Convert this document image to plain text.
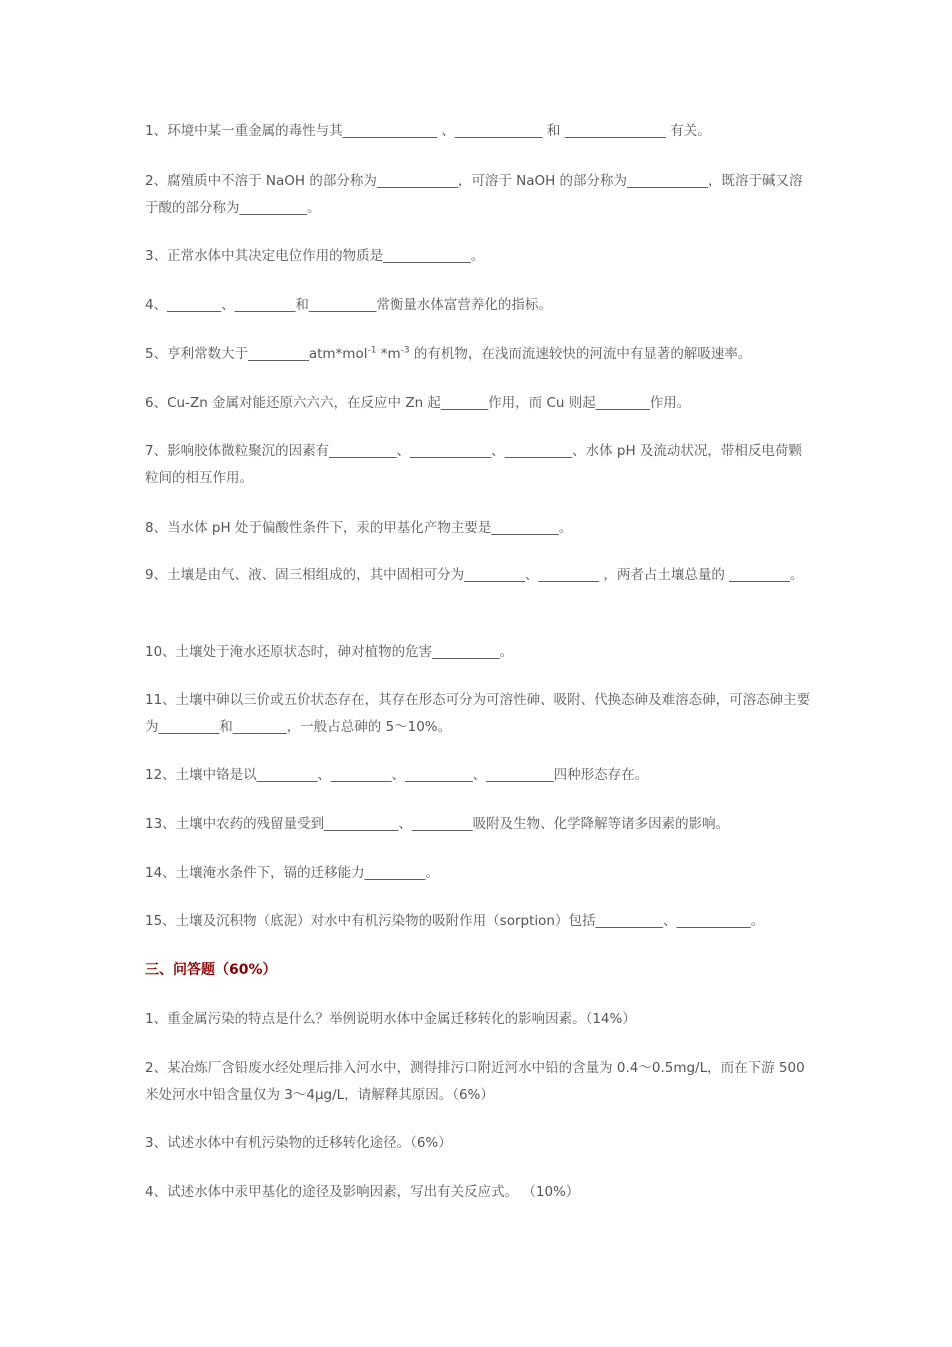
1、环境中某一重金属的毒性与其______________ 、_____________ 和 _______________ 有关。

2、腐殖质中不溶于 NaOH 的部分称为____________，可溶于 NaOH 的部分称为____________，既溶于碱又溶于酸的部分称为__________。

3、正常水体中其决定电位作用的物质是_____________。

4、________、_________和__________常衡量水体富营养化的指标。

5、亨利常数大于_________atm*mol$^{-1}$ $*m^{-3}$ 的有机物，在浅而流速较快的河流中有显著的解吸速率。

6、Cu-Zn 金属对能还原六六六，在反应中 Zn 起_______作用，而 Cu 则起________作用。

7、影响胶体微粒聚沉的因素有__________、____________、__________、水体 pH 及流动状况，带相反电荷颗粒间的相互作用。

8、当水体 pH 处于偏酸性条件下，汞的甲基化产物主要是__________。

9、土壤是由气、液、固三相组成的，其中固相可分为_________、_________ ，两者占土壤总量的 _________。

10、土壤处于淹水还原状态时，砷对植物的危害__________。

11、土壤中砷以三价或五价状态存在，其存在形态可分为可溶性砷、吸附、代换态砷及难溶态砷，可溶态砷主要为_________和________，一般占总砷的 5～10%。

12、土壤中铬是以_________、_________、__________、__________四种形态存在。

13、土壤中农药的残留量受到___________、_________吸附及生物、化学降解等诸多因素的影响。

14、土壤淹水条件下，镉的迁移能力_________。

15、土壤及沉积物（底泥）对水中有机污染物的吸附作用（sorption）包括__________、___________。

三、问答题（60%）

1、重金属污染的特点是什么？举例说明水体中金属迁移转化的影响因素。（14%）

2、某冶炼厂含铅废水经处理后排入河水中，测得排污口附近河水中铅的含量为 0.4～0.5mg/L，而在下游 500 米处河水中铅含量仅为 3～4μg/L，请解释其原因。（6%）

3、试述水体中有机污染物的迁移转化途径。（6%）

4、试述水体中汞甲基化的途径及影响因素，写出有关反应式。 （10%）
